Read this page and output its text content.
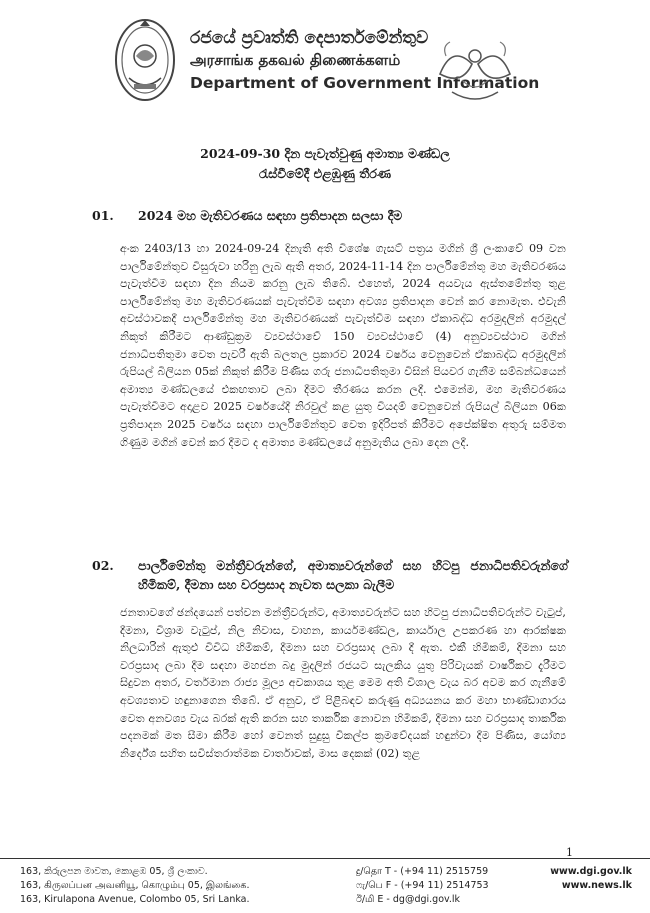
රජයේ ප්‍රවෘත්ති දෙපාර්තමේන්තුව
அரசாங்க தகவல் திணைக்களம்
Department of Government Information
2024-09-30 දින පැවැත්වුණු අමාත්‍ය මණ්ඩල
රැස්වීමේදී එළඹුණු තීරණ
01. 2024 මහ මැතිවරණය සඳහා ප්‍රතිපාදන සලසා දීම
අංක 2403/13 හා 2024-09-24 දිනැති අති විශේෂ ගැසට් පත්‍රය මගින් ශ්‍රී ලංකාවේ 09 වන පාර්ලිමේන්තුව විසුරුවා හරිනු ලැබ ඇති අතර, 2024-11-14 දින පාර්ලිමේන්තු මහ මැතිවරණය පැවැත්වීම සඳහා දින නියම කරනු ලැබ තිබේ. එහෙත්, 2024 අයවැය ඇස්තමේන්තු තුළ පාර්ලිමේන්තු මහ මැතිවරණයක් පැවැත්වීම සඳහා අවශ්‍ය ප්‍රතිපාදන වෙන් කර නොමැත. එවැනි අවස්ථාවකදී පාර්ලිමේන්තු මහ මැතිවරණයක් පැවැත්වීම සඳහා ඒකාබද්ධ අරමුදලින් අරමුදල් නිකුත් කිරීමට ආණ්ඩුක්‍රම ව්‍යවස්ථාවේ 150 ව්‍යවස්ථාවේ (4) අනුව්‍යවස්ථාව මගින් ජනාධිපතිතුමා වෙත පැවරී ඇති බලතල ප්‍රකාරව 2024 වර්ෂය වෙනුවෙන් ඒකාබද්ධ අරමුදලින් රුපියල් බිලියන 05ක් නිකුත් කිරීම පිණිස ගරු ජනාධිපතිතුමා විසින් පියවර ගැනීම සම්බන්ධයෙන් අමාත්‍ය මණ්ඩලයේ එකඟතාව ලබා දීමට තීරණය කරන ලදී. එමෙන්ම, මහ මැතිවරණය පැවැත්වීමට අදාළව 2025 වර්ෂයේදී නිරවුල් කළ යුතු වියදම් වෙනුවෙන් රුපියල් බිලියන 06ක ප්‍රතිපාදන 2025 වර්ෂය සඳහා පාර්ලිමේන්තුව වෙත ඉදිරිපත් කිරීමට අපේක්ෂිත අතුරු සම්මත ගිණුම මගින් වෙන් කර දීමට ද අමාත්‍ය මණ්ඩලයේ අනුමැතිය ලබා දෙන ලදී.
02. පාර්ලිමේන්තු මන්ත්‍රීවරුන්ගේ, අමාත්‍යවරුන්ගේ සහ හිටපු ජනාධිපතිවරුන්ගේ හිමිකම්, දීමනා සහ වරප්‍රසාද නැවත සලකා බැලීම
ජනතාවගේ ඡන්දයෙන් පත්වන මන්ත්‍රීවරුන්ට, අමාත්‍යවරුන්ට සහ හිටපු ජනාධිපතිවරුන්ට වැටුප්, දීමනා, විශ්‍රාම වැටුප්, නිල නිවාස, වාහන, කාර්යමණ්ඩල, කාර්යාල උපකරණ හා ආරක්ෂක නිලධාරින් ඇතුළු විවිධ හිමිකම්, දීමනා සහ වරප්‍රසාද ලබා දී ඇත. එකී හිමිකම්, දීමනා සහ වරප්‍රසාද ලබා දීම සඳහා මහජන බදු මුදලින් රජයට සැලකිය යුතු පිරිවැයක් වාර්ෂිකව දැරීමට සිදුවන අතර, වර්තමාන රාජ්‍ය මූල්‍ය අවකාශය තුළ මෙම අති විශාල වැය බර අවම කර ගැනීමේ අවශ්‍යතාව හඳුනාගෙන තිබේ. ඒ අනුව, ඒ පිළිබඳව කරුණු අධ්‍යයනය කර මහා භාණ්ඩාගාරය වෙත අනවශ්‍ය වැය බරක් ඇති කරන සහ තාර්කික නොවන හිමිකම්, දීමනා සහ වරප්‍රසාද තාර්කික පදනමක් මත සීමා කිරීම හෝ වෙනත් සුදුසු විකල්ප ක්‍රමවේදයක් හඳුන්වා දීම පිණිස, යෝග්‍ය නිර්දේශ සහිත සවිස්තරාත්මක වාර්තාවක්, මාස දෙකක් (02) තුළ
1
163, කිරුලපන මාවත, කොළඹ 05, ශ්‍රී ලංකාව.
163, கிருலப்பன அவனியூ, கொழும்பு 05, இலங்கை.
163, Kirulapona Avenue, Colombo 05, Sri Lanka.
දු/தொ T - (+94 11) 2515759
ෆැ/பெ F - (+94 11) 2514753
ඊ/மி E - dg@dgi.gov.lk
www.dgi.gov.lk
www.news.lk
